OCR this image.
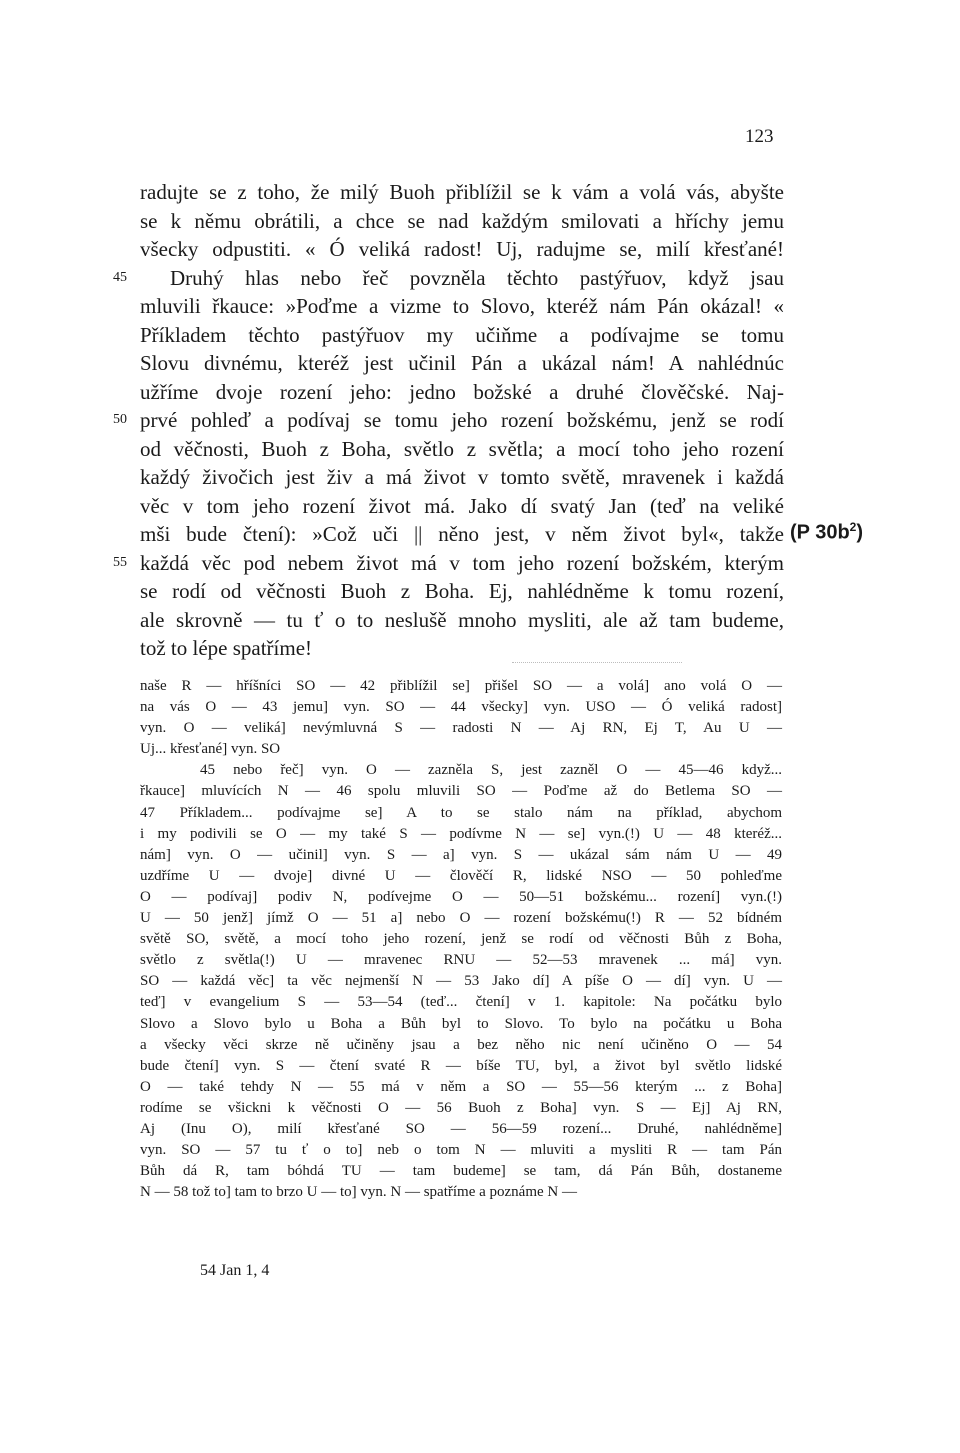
123
radujte se z toho, že milý Buoh přiblížil se k vám a volá vás, abyšte
se k němu obrátili, a chce se nad každým smilovati a hříchy jemu
všecky odpustiti. « Ó veliká radost! Uj, radujme se, milí křesťané!
Druhý hlas nebo řeč povzněla těchto pastýřuov, když jsau
mluvili řkauce: »Poďme a vizme to Slovo, kteréž nám Pán okázal! «
Příkladem těchto pastýřuov my učiňme a podívajme se tomu
Slovu divnému, kteréž jest učinil Pán a ukázal nám! A nahlédnúc
užříme dvoje rození jeho: jedno božské a druhé člověčské. Naj-
prvé pohleď a podívaj se tomu jeho rození božskému, jenž se rodí
od věčnosti, Buoh z Boha, světlo z světla; a mocí toho jeho rození
každý živočich jest živ a má život v tomto světě, mravenek i každá
věc v tom jeho rození život má. Jako dí svatý Jan (teď na veliké
mši bude čtení): »Což uči || něno jest, v něm život byl«, takže
každá věc pod nebem život má v tom jeho rození božském, kterým
se rodí od věčnosti Buoh z Boha. Ej, nahlédněme k tomu rození,
ale skrovně — tu ť o to neslušě mnoho mysliti, ale až tam budeme,
tož to lépe spatříme!
(P $30b^2$)
naše R — hříšníci SO — 42 přiblížil se] přišel SO — a volá] ano volá O —
na vás O — 43 jemu] vyn. SO — 44 všecky] vyn. USO — Ó veliká radost]
vyn. O — veliká] nevýmluvná S — radosti N — Aj RN, Ej T, Au U —
Uj... křesťané] vyn. SO
45 nebo řeč] vyn. O — zazněla S, jest zazněl O — 45—46 když...
řkauce] mluvících N — 46 spolu mluvili SO — Poďme až do Betlema SO —
47 Příkladem... podívajme se] A to se stalo nám na příklad, abychom
i my podivili se O — my také S — podívme N — se] vyn.(!) U — 48 kteréž...
nám] vyn. O — učinil] vyn. S — a] vyn. S — ukázal sám nám U — 49
uzdříme U — dvoje] divné U — člověčí R, lidské NSO — 50 pohleďme
O — podívaj] podiv N, podívejme O — 50—51 božskému... rození] vyn.(!)
U — 50 jenž] jímž O — 51 a] nebo O — rození božskému(!) R — 52 bídném
světě SO, světě, a mocí toho jeho rození, jenž se rodí od věčnosti Bůh z Boha,
světlo z světla(!) U — mravenec RNU — 52—53 mravenek ... má] vyn.
SO — každá věc] ta věc nejmenší N — 53 Jako dí] A píše O — dí] vyn. U —
teď] v evangelium S — 53—54 (teď... čtení] v 1. kapitole: Na počátku bylo
Slovo a Slovo bylo u Boha a Bůh byl to Slovo. To bylo na počátku u Boha
a všecky věci skrze ně učiněny jsau a bez něho nic není učiněno O — 54
bude čtení] vyn. S — čtení svaté R — bíše TU, byl, a život byl světlo lidské
O — také tehdy N — 55 má v něm a SO — 55—56 kterým ... z Boha]
rodíme se všickni k věčnosti O — 56 Buoh z Boha] vyn. S — Ej] Aj RN,
Aj (Inu O), milí křesťané SO — 56—59 rození... Druhé, nahlédněme]
vyn. SO — 57 tu ť o to] neb o tom N — mluviti a mysliti R — tam Pán
Bůh dá R, tam bóhdá TU — tam budeme] se tam, dá Pán Bůh, dostaneme
N — 58 tož to] tam to brzo U — to] vyn. N — spatříme a poznáme N —
54 Jan 1, 4
45
50
55
